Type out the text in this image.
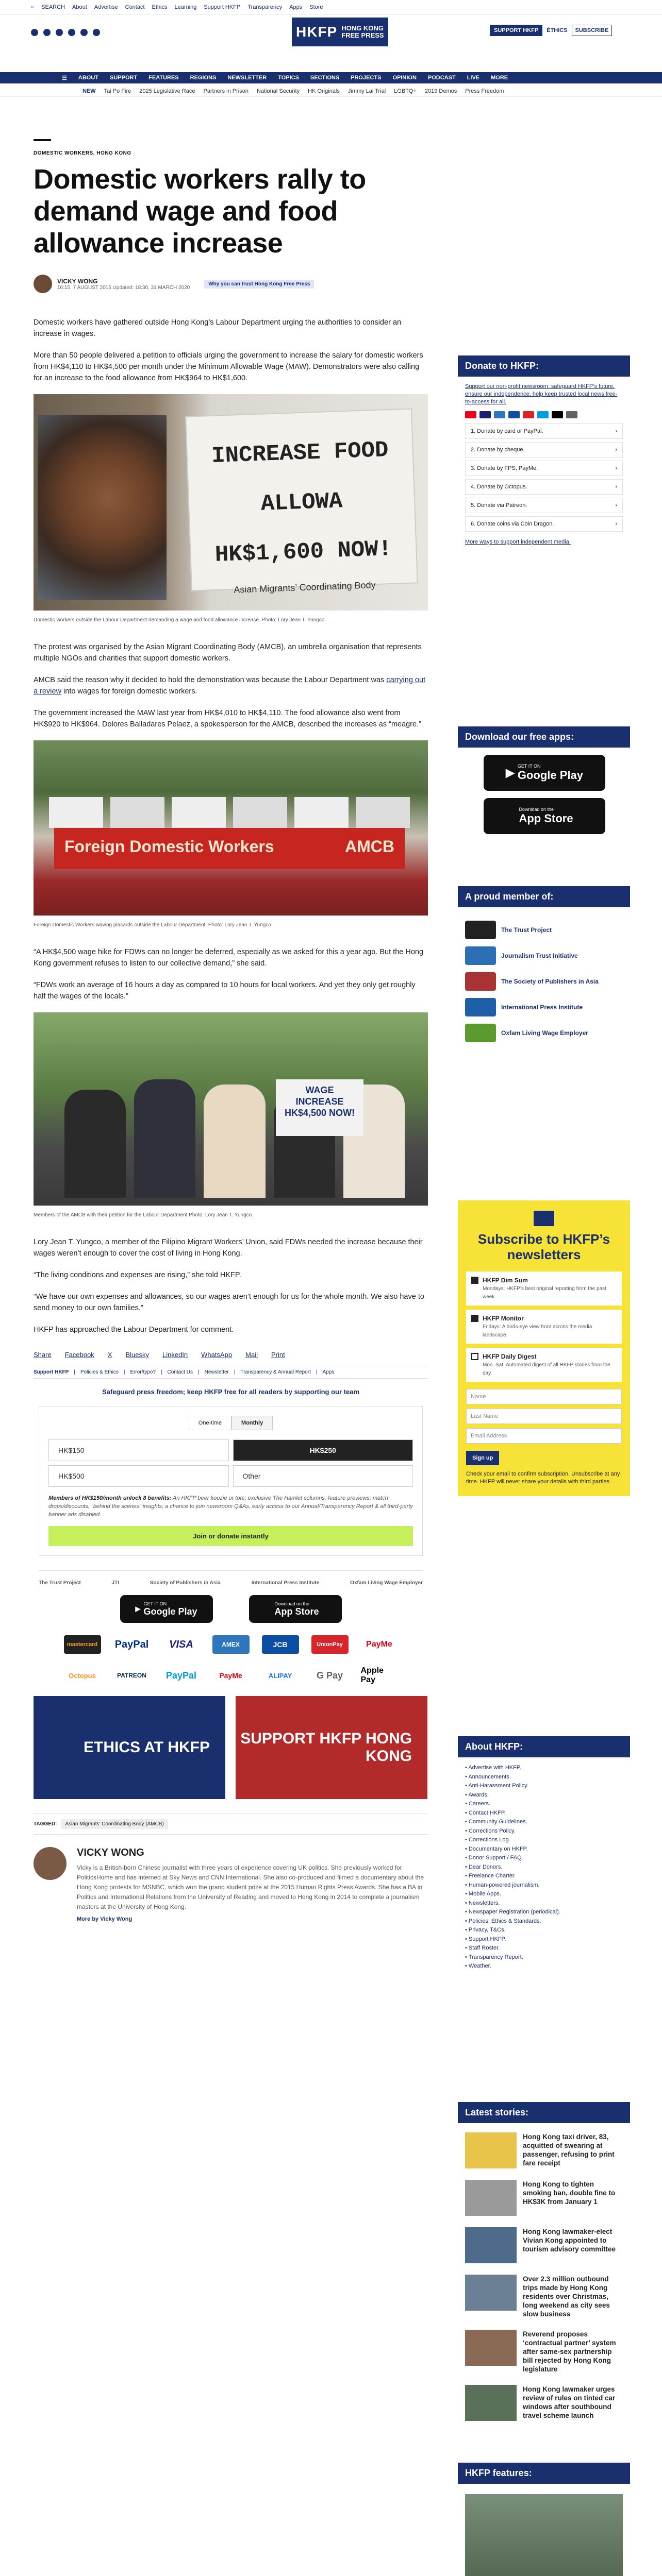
⌕ SEARCH About Advertise Contact Ethics Learning Support HKFP Transparency Apps Store
HKFP HONG KONG
FREE PRESS
SUPPORT HKFP	ÉTHICS	SUBSCRIBE
☰ ABOUT SUPPORT FEATURES REGIONS NEWSLETTER TOPICS SECTIONS PROJECTS OPINION PODCAST LIVE MORE
NEW Tai Po Fire 2025 Legislative Race Partners in Prison National Security HK Originals Jimmy Lai Trial LGBTQ+ 2019 Demos Press Freedom
DOMESTIC WORKERS, HONG KONG
Domestic workers rally to demand wage and food allowance increase
VICKY WONG
16:15, 7 AUGUST 2015 Updated: 18:30, 31 MARCH 2020
Why you can trust Hong Kong Free Press

Domestic workers have gathered outside Hong Kong’s Labour Department urging the authorities to consider an increase in wages.

More than 50 people delivered a petition to officials urging the government to increase the salary for domestic workers from HK$4,110 to HK$4,500 per month under the Minimum Allowable Wage (MAW). Demonstrators were also calling for an increase to the food allowance from HK$964 to HK$1,600.

INCREASE FOOD ALLOWA HK$1,600 NOW!
Asian Migrants’ Coordinating Body
Domestic workers outside the Labour Department demanding a wage and food allowance increase. Photo: Lory Jean T. Yungco.

The protest was organised by the Asian Migrant Coordinating Body (AMCB), an umbrella organisation that represents multiple NGOs and charities that support domestic workers.

AMCB said the reason why it decided to hold the demonstration was because the Labour Department was carrying out a review into wages for foreign domestic workers.

The government increased the MAW last year from HK$4,010 to HK$4,110. The food allowance also went from HK$920 to HK$964. Dolores Balladares Pelaez, a spokesperson for the AMCB, described the increases as “meagre.”

Foreign Domestic Workers	AMCB
Foreign Domestic Workers waving placards outside the Labour Department. Photo: Lory Jean T. Yungco.

“A HK$4,500 wage hike for FDWs can no longer be deferred, especially as we asked for this a year ago. But the Hong Kong government refuses to listen to our collective demand,” she said.

“FDWs work an average of 16 hours a day as compared to 10 hours for local workers. And yet they only get roughly half the wages of the locals.”

WAGE INCREASE HK$4,500 NOW!
Members of the AMCB with their petition for the Labour Department Photo: Lory Jean T. Yungco.

Lory Jean T. Yungco, a member of the Filipino Migrant Workers’ Union, said FDWs needed the increase because their wages weren’t enough to cover the cost of living in Hong Kong.

“The living conditions and expenses are rising,” she told HKFP.

“We have our own expenses and allowances, so our wages aren’t enough for us for the whole month. We also have to send money to our own families.”

HKFP has approached the Labour Department for comment.

Share Facebook X Bluesky LinkedIn WhatsApp Mail Print
Support HKFP | Policies & Ethics | Error/typo? | Contact Us | Newsletter | Transparency & Annual Report | Apps
Safeguard press freedom; keep HKFP free for all readers by supporting our team
One-time	Monthly
HK$150	HK$250
HK$500	Other
Members of HK$150/month unlock 8 benefits: An HKFP beer koozie or tote; exclusive The Hamlet columns, feature previews; match drops/discounts, “behind the scenes” insights; a chance to join newsroom Q&As, early access to our Annual/Transparency Report & all third-party banner ads disabled.
Join or donate instantly
The Trust Project	JTI	Society of Publishers in Asia	International Press Institute	Oxfam Living Wage Employer
▶
GET IT ON
Google Play
Download on the
App Store
mastercard	PayPal	VISA	AMEX	JCB	UnionPay	PayMe
Octopus	PATREON	PayPal	PayMe	ALIPAY	G Pay	Apple Pay
ETHICS AT HKFP
SUPPORT HKFP HONG KONG
TAGGED: Asian Migrants' Coordinating Body (AMCB)
VICKY WONG

Vicky is a British-born Chinese journalist with three years of experience covering UK politics. She previously worked for PoliticsHome and has interned at Sky News and CNN International. She also co-produced and filmed a documentary about the Hong Kong protests for MSNBC, which won the grand student prize at the 2015 Human Rights Press Awards. She has a BA in Politics and International Relations from the University of Reading and moved to Hong Kong in 2014 to complete a journalism masters at the University of Hong Kong.

More by Vicky Wong
Donate to HKFP:
Support our non-profit newsroom: safeguard HKFP’s future, ensure our independence, help keep trusted local news free-to-access for all.
1. Donate by card or PayPal.	›
2. Donate by cheque.	›
3. Donate by FPS, PayMe.	›
4. Donate by Octopus.	›
5. Donate via Patreon.	›
6. Donate coins via Coin Dragon.	›
More ways to support independent media.
Download our free apps:
▶ GET IT ON
Google Play
Download on the
App Store
A proud member of:
The Trust Project
Journalism Trust Initiative
The Society of Publishers in Asia
International Press Institute
Oxfam Living Wage Employer
Subscribe to HKFP’s newsletters
HKFP Dim Sum
Mondays: HKFP’s best original reporting from the past week.
HKFP Monitor
Fridays: A birds-eye view from across the media landscape.
HKFP Daily Digest
Mon–Sat: Automated digest of all HKFP stories from the day.
Name
Last Name
Email Address
Sign up
Check your email to confirm subscription. Unsubscribe at any time. HKFP will never share your details with third parties.
About HKFP:
• Advertise with HKFP.
• Announcements.
• Anti-Harassment Policy.
• Awards.
• Careers.
• Contact HKFP.
• Community Guidelines.
• Corrections Policy.
• Corrections Log.
• Documentary on HKFP.
• Donor Support / FAQ.
• Dear Donors.
• Freelance Charter.
• Human-powered journalism.
• Mobile Apps.
• Newsletters.
• Newspaper Registration (periodical).
• Policies, Ethics & Standards.
• Privacy, T&Cs.
• Support HKFP.
• Staff Roster.
• Transparency Report.
• Weather.
Latest stories:
Hong Kong taxi driver, 83, acquitted of swearing at passenger, refusing to print fare receipt
Hong Kong to tighten smoking ban, double fine to HK$3K from January 1
Hong Kong lawmaker-elect Vivian Kong appointed to tourism advisory committee
Over 2.3 million outbound trips made by Hong Kong residents over Christmas, long weekend as city sees slow business
Reverend proposes ‘contractual partner’ system after same-sex partnership bill rejected by Hong Kong legislature
Hong Kong lawmaker urges review of rules on tinted car windows after southbound travel scheme launch
HKFP features:
